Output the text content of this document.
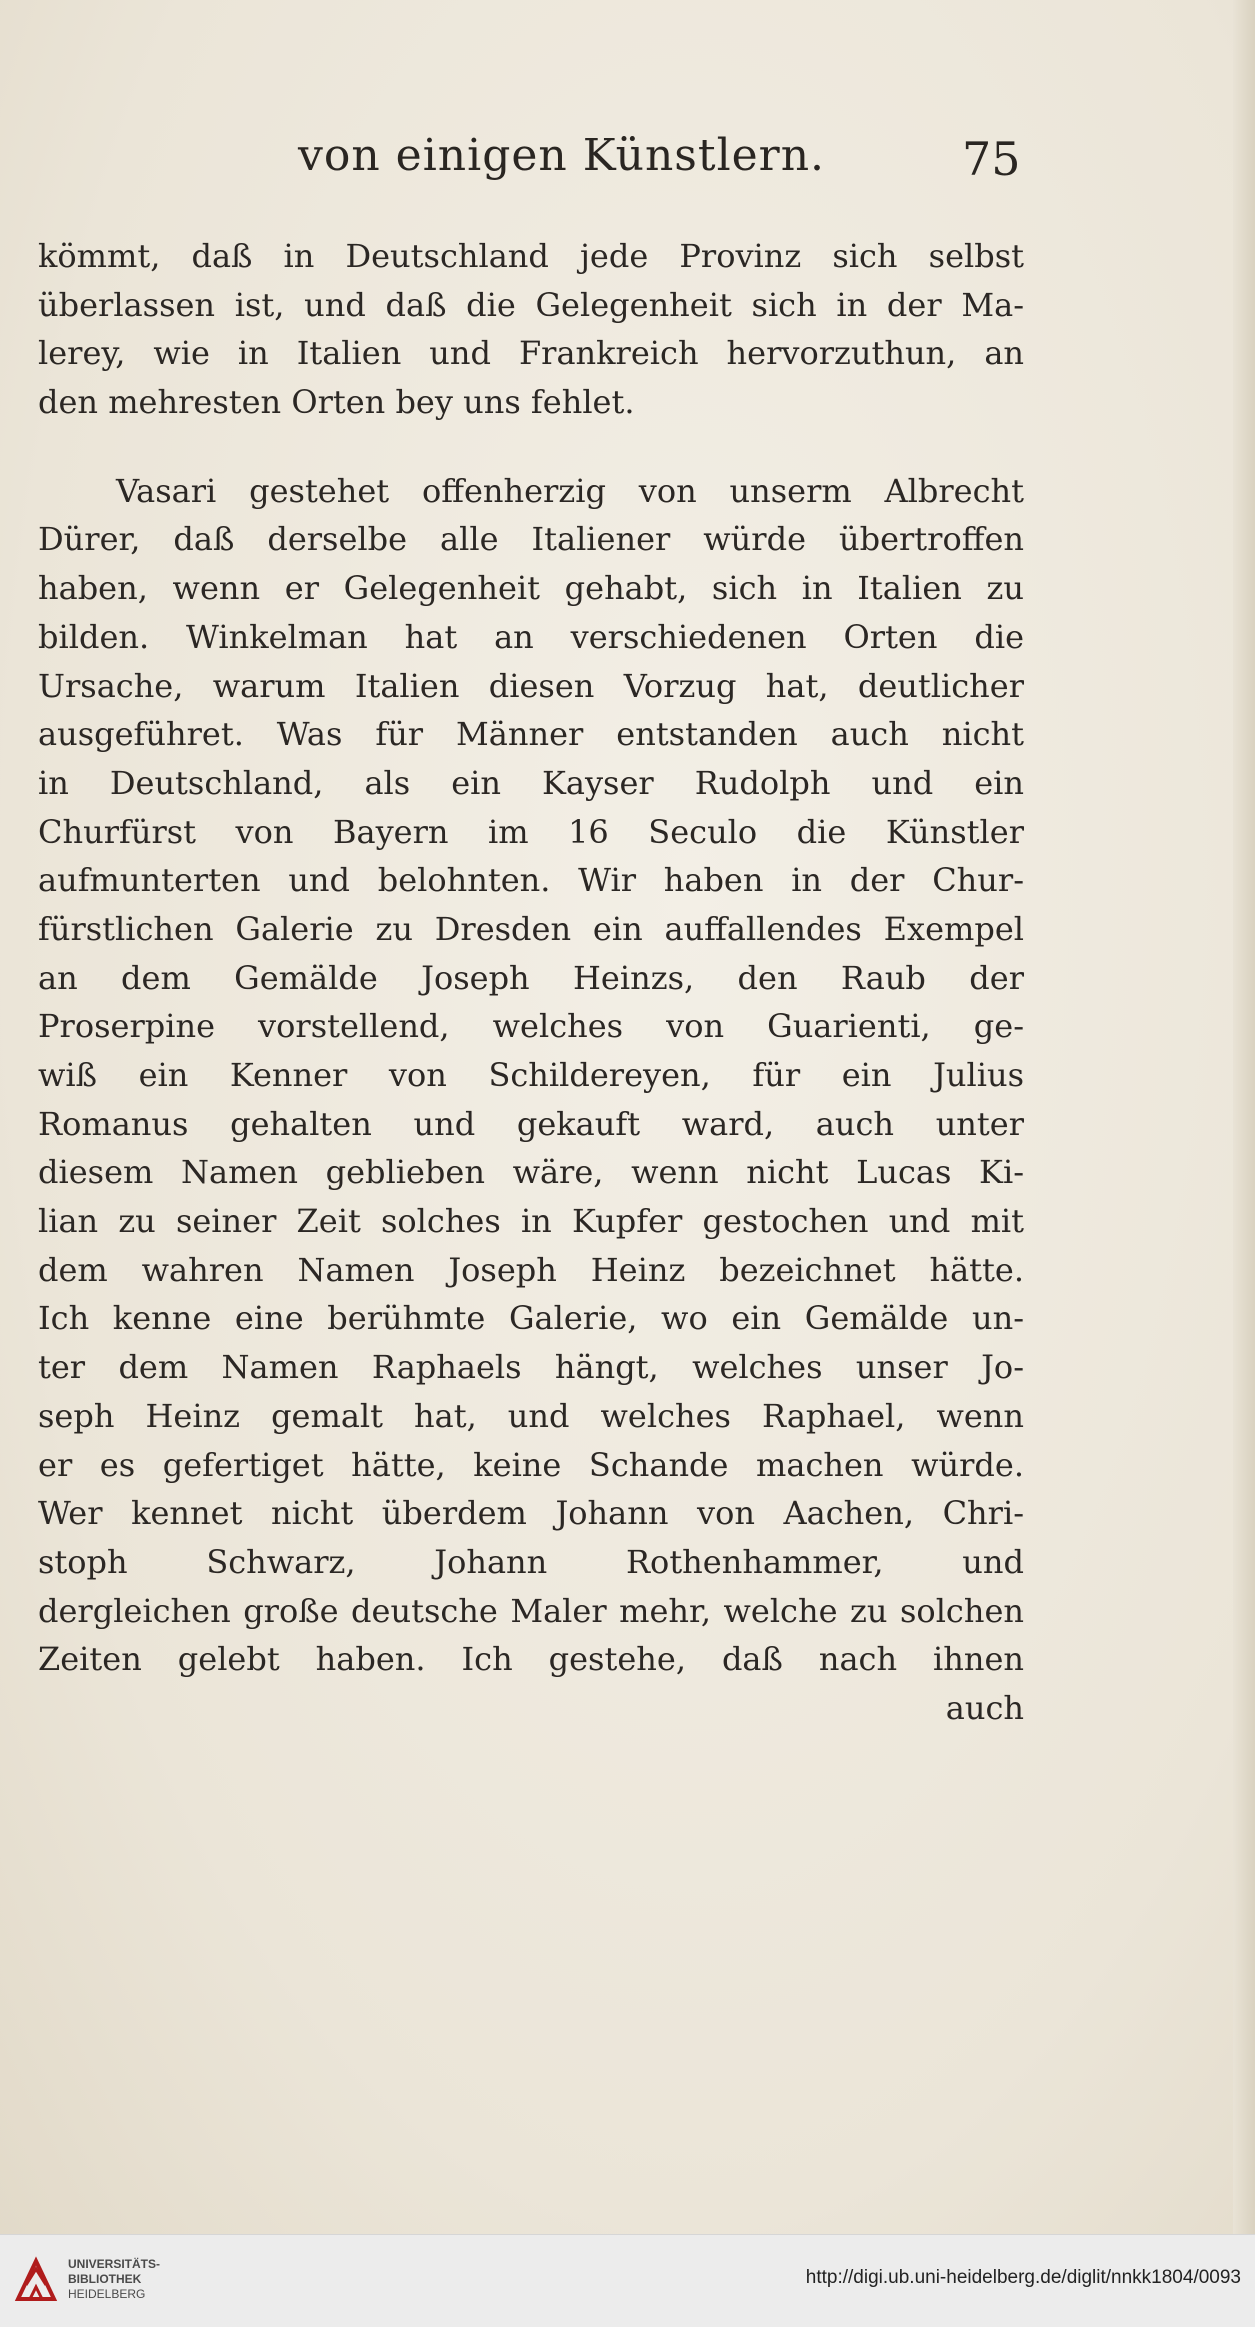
von einigen Künstlern.	75
kömmt, daß in Deutschland jede Provinz sich selbst
überlassen ist, und daß die Gelegenheit sich in der Ma-
lerey, wie in Italien und Frankreich hervorzuthun, an
den mehresten Orten bey uns fehlet.
Vasari gestehet offenherzig von unserm Albrecht
Dürer, daß derselbe alle Italiener würde übertroffen
haben, wenn er Gelegenheit gehabt, sich in Italien zu
bilden. Winkelman hat an verschiedenen Orten die
Ursache, warum Italien diesen Vorzug hat, deutlicher
ausgeführet. Was für Männer entstanden auch nicht
in Deutschland, als ein Kayser Rudolph und ein
Churfürst von Bayern im 16 Seculo die Künstler
aufmunterten und belohnten. Wir haben in der Chur-
fürstlichen Galerie zu Dresden ein auffallendes Exempel
an dem Gemälde Joseph Heinzs, den Raub der
Proserpine vorstellend, welches von Guarienti, ge-
wiß ein Kenner von Schildereyen, für ein Julius
Romanus gehalten und gekauft ward, auch unter
diesem Namen geblieben wäre, wenn nicht Lucas Ki-
lian zu seiner Zeit solches in Kupfer gestochen und mit
dem wahren Namen Joseph Heinz bezeichnet hätte.
Ich kenne eine berühmte Galerie, wo ein Gemälde un-
ter dem Namen Raphaels hängt, welches unser Jo-
seph Heinz gemalt hat, und welches Raphael, wenn
er es gefertiget hätte, keine Schande machen würde.
Wer kennet nicht überdem Johann von Aachen, Chri-
stoph Schwarz, Johann Rothenhammer, und
dergleichen große deutsche Maler mehr, welche zu solchen
Zeiten gelebt haben. Ich gestehe, daß nach ihnen
auch
UNIVERSITÄTS-
BIBLIOTHEK
HEIDELBERG
http://digi.ub.uni-heidelberg.de/diglit/nnkk1804/0093
